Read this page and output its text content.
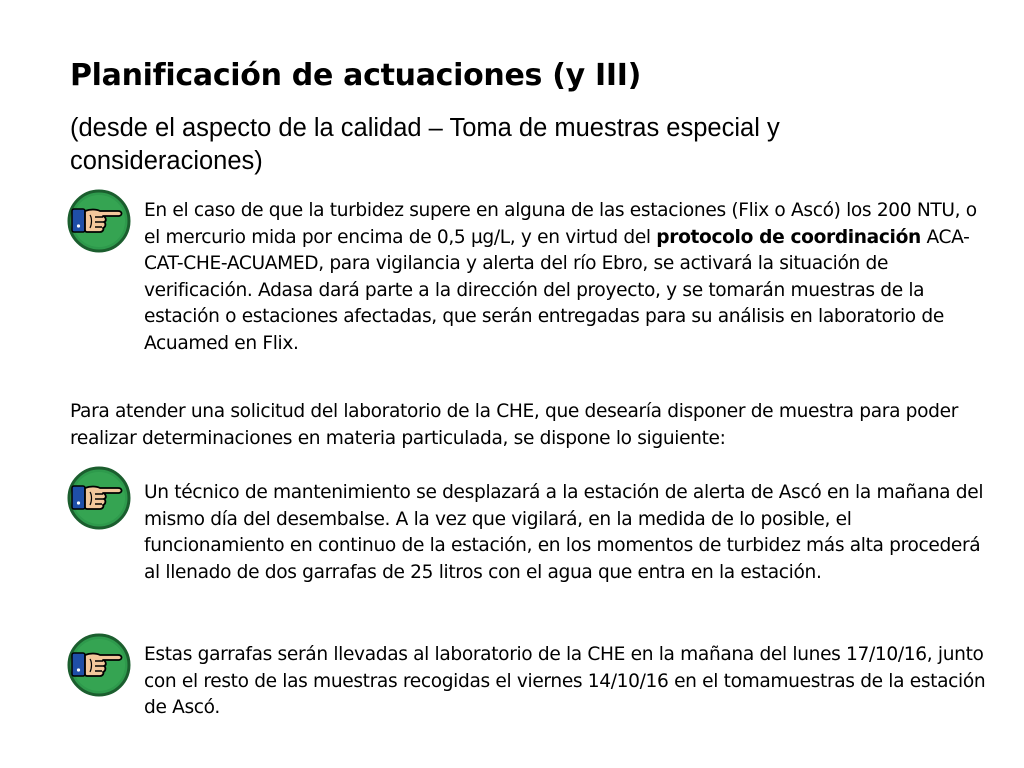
Planificación de actuaciones (y III)
(desde el aspecto de la calidad – Toma de muestras especial y consideraciones)
En el caso de que la turbidez supere en alguna de las estaciones (Flix o Ascó) los 200 NTU, o el mercurio mida por encima de 0,5 µg/L, y en virtud del protocolo de coordinación ACA-CAT-CHE-ACUAMED, para vigilancia y alerta del río Ebro, se activará la situación de verificación. Adasa dará parte a la dirección del proyecto, y se tomarán muestras de la estación o estaciones afectadas, que serán entregadas para su análisis en laboratorio de Acuamed en Flix.
Para atender una solicitud del laboratorio de la CHE, que desearía disponer de muestra para poder realizar determinaciones en materia particulada, se dispone lo siguiente:
Un técnico de mantenimiento se desplazará a la estación de alerta de Ascó en la mañana del mismo día del desembalse. A la vez que vigilará, en la medida de lo posible, el funcionamiento en continuo de la estación, en los momentos de turbidez más alta procederá al llenado de dos garrafas de 25 litros con el agua que entra en la estación.
Estas garrafas serán llevadas al laboratorio de la CHE en la mañana del lunes 17/10/16, junto con el resto de las muestras recogidas el viernes 14/10/16 en el tomamuestras de la estación de Ascó.
